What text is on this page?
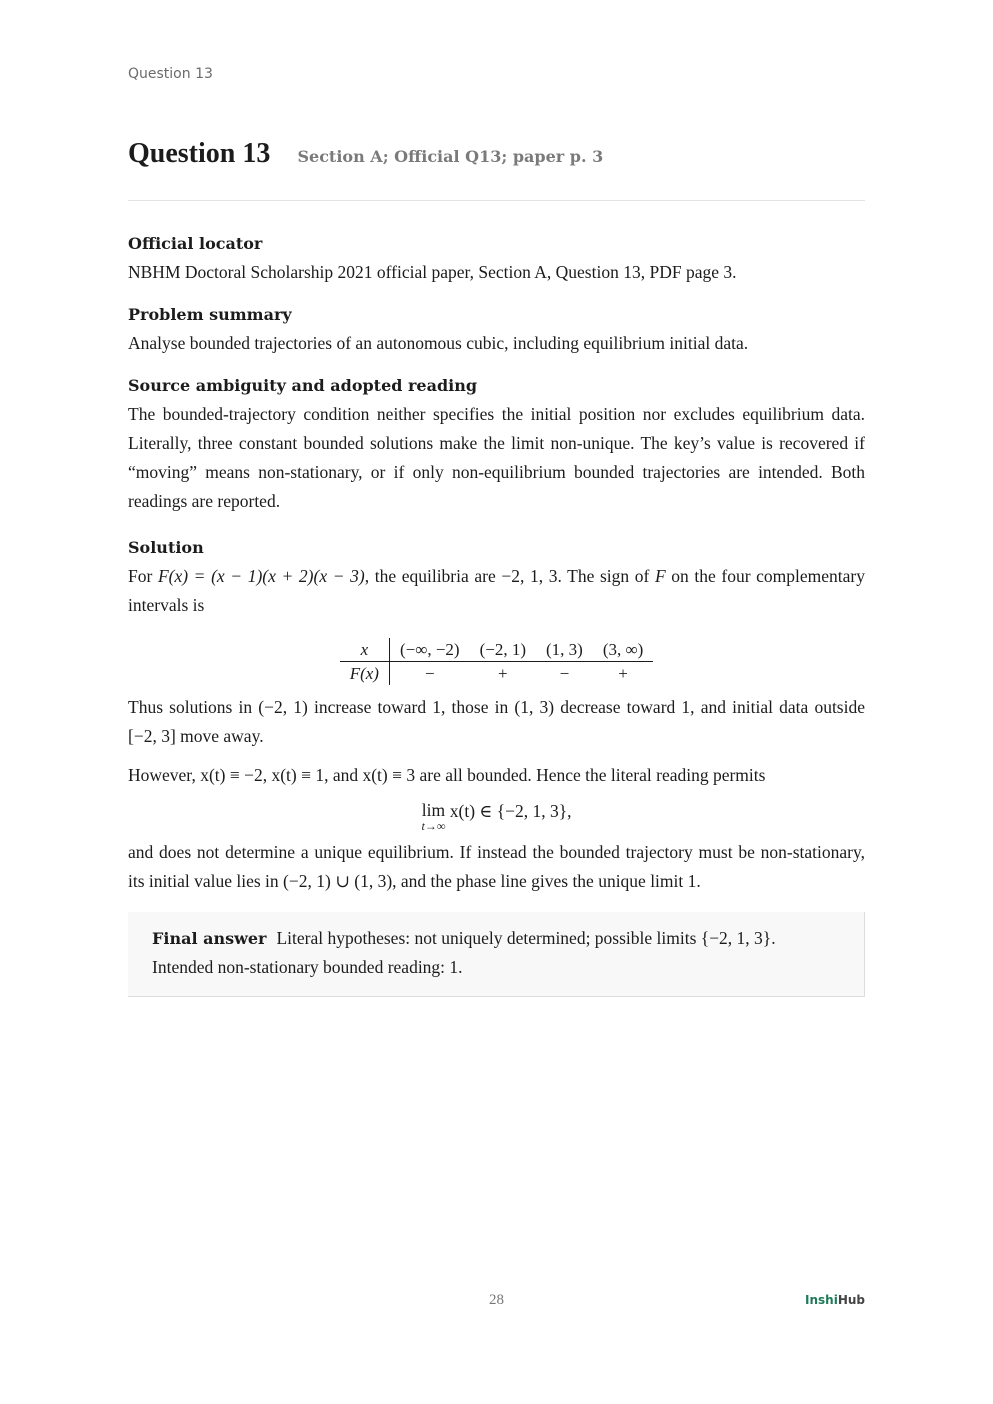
Question 13
Question 13 Section A; Official Q13; paper p. 3
Official locator

NBHM Doctoral Scholarship 2021 official paper, Section A, Question 13, PDF page 3.

Problem summary

Analyse bounded trajectories of an autonomous cubic, including equilibrium initial data.

Source ambiguity and adopted reading

The bounded-trajectory condition neither specifies the initial position nor excludes equilibrium data. Literally, three constant bounded solutions make the limit non-unique. The key’s value is recovered if “moving” means non-stationary, or if only non-equilibrium bounded trajectories are intended. Both readings are reported.

Solution

For F(x) = (x − 1)(x + 2)(x − 3), the equilibria are −2, 1, 3. The sign of F on the four complementary intervals is

x	(−∞, −2)	(−2, 1)	(1, 3)	(3, ∞)
F(x)	−	+	−	+

Thus solutions in (−2, 1) increase toward 1, those in (1, 3) decrease toward 1, and initial data outside [−2, 3] move away.

However, x(t) ≡ −2, x(t) ≡ 1, and x(t) ≡ 3 are all bounded. Hence the literal reading permits

lim
t→∞
x(t) ∈ {−2, 1, 3},

and does not determine a unique equilibrium. If instead the bounded trajectory must be non-stationary, its initial value lies in (−2, 1) ∪ (1, 3), and the phase line gives the unique limit 1.

Final answer Literal hypotheses: not uniquely determined; possible limits {−2, 1, 3}. Intended non-stationary bounded reading: 1.
28	InshiHub
